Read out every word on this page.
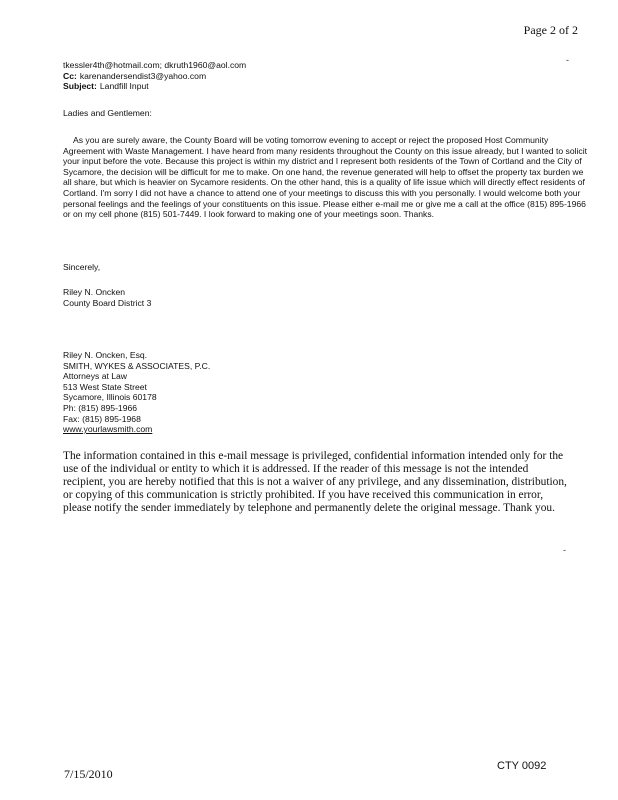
Page 2 of 2
-
tkessler4th@hotmail.com; dkruth1960@aol.com
Cc: karenandersendist3@yahoo.com
Subject: Landfill Input
Ladies and Gentlemen:

As you are surely aware, the County Board will be voting tomorrow evening to accept or reject the proposed Host Community Agreement with Waste Management. I have heard from many residents throughout the County on this issue already, but I wanted to solicit your input before the vote. Because this project is within my district and I represent both residents of the Town of Cortland and the City of Sycamore, the decision will be difficult for me to make. On one hand, the revenue generated will help to offset the property tax burden we all share, but which is heavier on Sycamore residents. On the other hand, this is a quality of life issue which will directly effect residents of Cortland. I'm sorry I did not have a chance to attend one of your meetings to discuss this with you personally. I would welcome both your personal feelings and the feelings of your constituents on this issue. Please either e-mail me or give me a call at the office (815) 895-1966 or on my cell phone (815) 501-7449. I look forward to making one of your meetings soon. Thanks.

Sincerely,
Riley N. Oncken
County Board District 3
Riley N. Oncken, Esq.
SMITH, WYKES & ASSOCIATES, P.C.
Attorneys at Law
513 West State Street
Sycamore, Illinois 60178
Ph: (815) 895-1966
Fax: (815) 895-1968
www.yourlawsmith.com
The information contained in this e-mail message is privileged, confidential information intended only for the use of the individual or entity to which it is addressed. If the reader of this message is not the intended recipient, you are hereby notified that this is not a waiver of any privilege, and any dissemination, distribution, or copying of this communication is strictly prohibited. If you have received this communication in error, please notify the sender immediately by telephone and permanently delete the original message. Thank you.
-
7/15/2010
CTY 0092
